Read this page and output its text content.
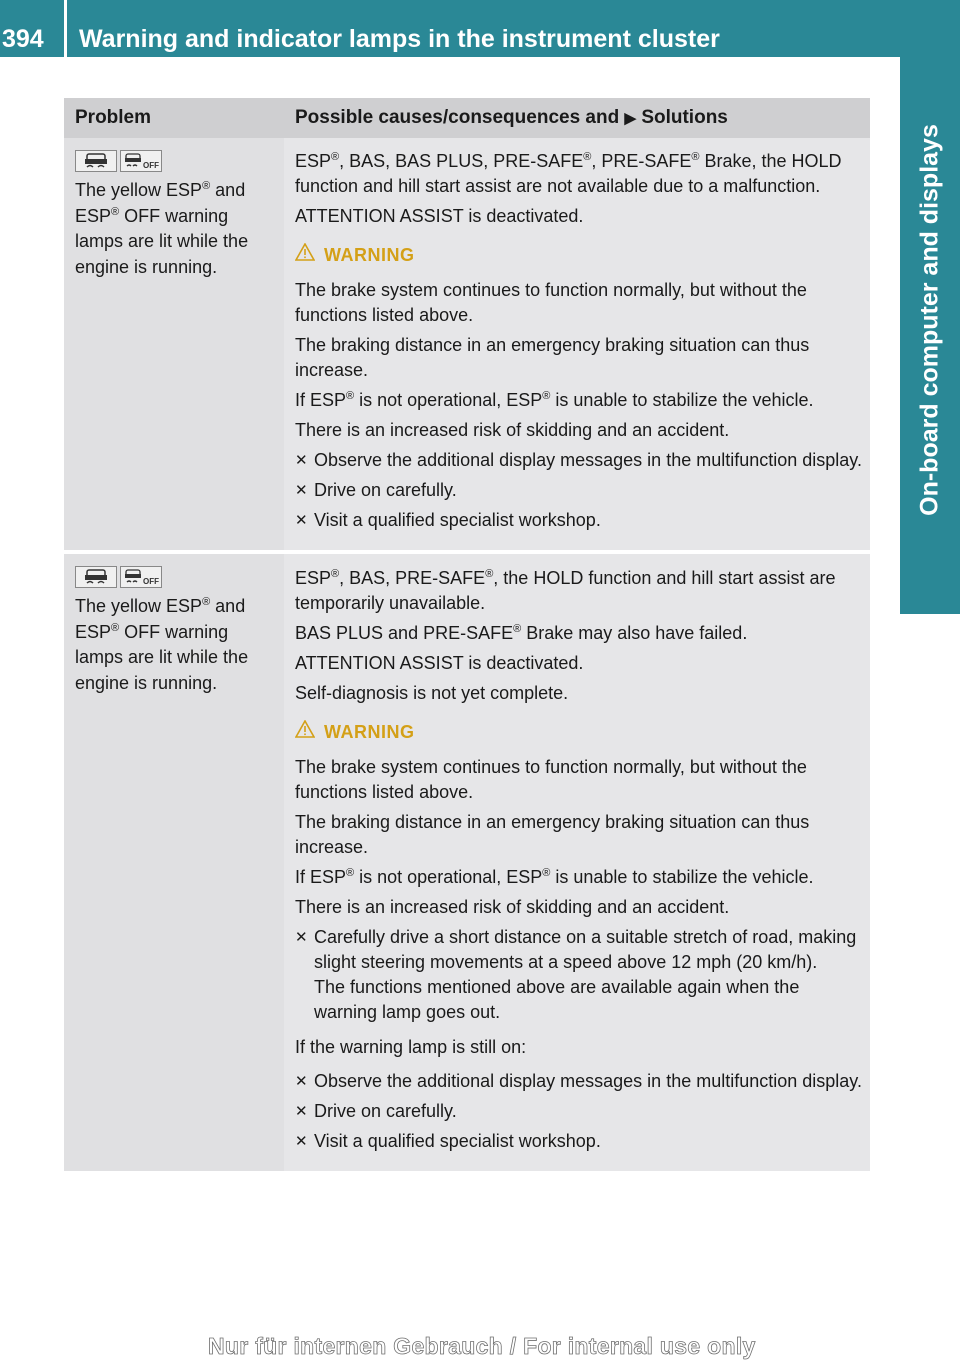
394	Warning and indicator lamps in the instrument cluster
On-board computer and displays
Problem	Possible causes/consequences and ▶ Solutions
OFF
The yellow ESP® and
ESP® OFF warning lamps are lit while the engine is running.

ESP®, BAS, BAS PLUS, PRE-SAFE®, PRE-SAFE® Brake, the HOLD function and hill start assist are not available due to a malfunction.

ATTENTION ASSIST is deactivated.

WARNING

The brake system continues to function normally, but without the functions listed above.

The braking distance in an emergency braking situation can thus increase.

If ESP® is not operational, ESP® is unable to stabilize the vehicle.

There is an increased risk of skidding and an accident.

✕ Observe the additional display messages in the multifunction display.
✕ Drive on carefully.
✕ Visit a qualified specialist workshop.
OFF
The yellow ESP® and
ESP® OFF warning lamps are lit while the engine is running.

ESP®, BAS, PRE-SAFE®, the HOLD function and hill start assist are temporarily unavailable.

BAS PLUS and PRE-SAFE® Brake may also have failed.

ATTENTION ASSIST is deactivated.

Self-diagnosis is not yet complete.

WARNING

The brake system continues to function normally, but without the functions listed above.

The braking distance in an emergency braking situation can thus increase.

If ESP® is not operational, ESP® is unable to stabilize the vehicle.

There is an increased risk of skidding and an accident.

✕ Carefully drive a short distance on a suitable stretch of road, making slight steering movements at a speed above 12 mph (20 km/h).
The functions mentioned above are available again when the warning lamp goes out.

If the warning lamp is still on:

✕ Observe the additional display messages in the multifunction display.
✕ Drive on carefully.
✕ Visit a qualified specialist workshop.
Nur für internen Gebrauch / For internal use only
